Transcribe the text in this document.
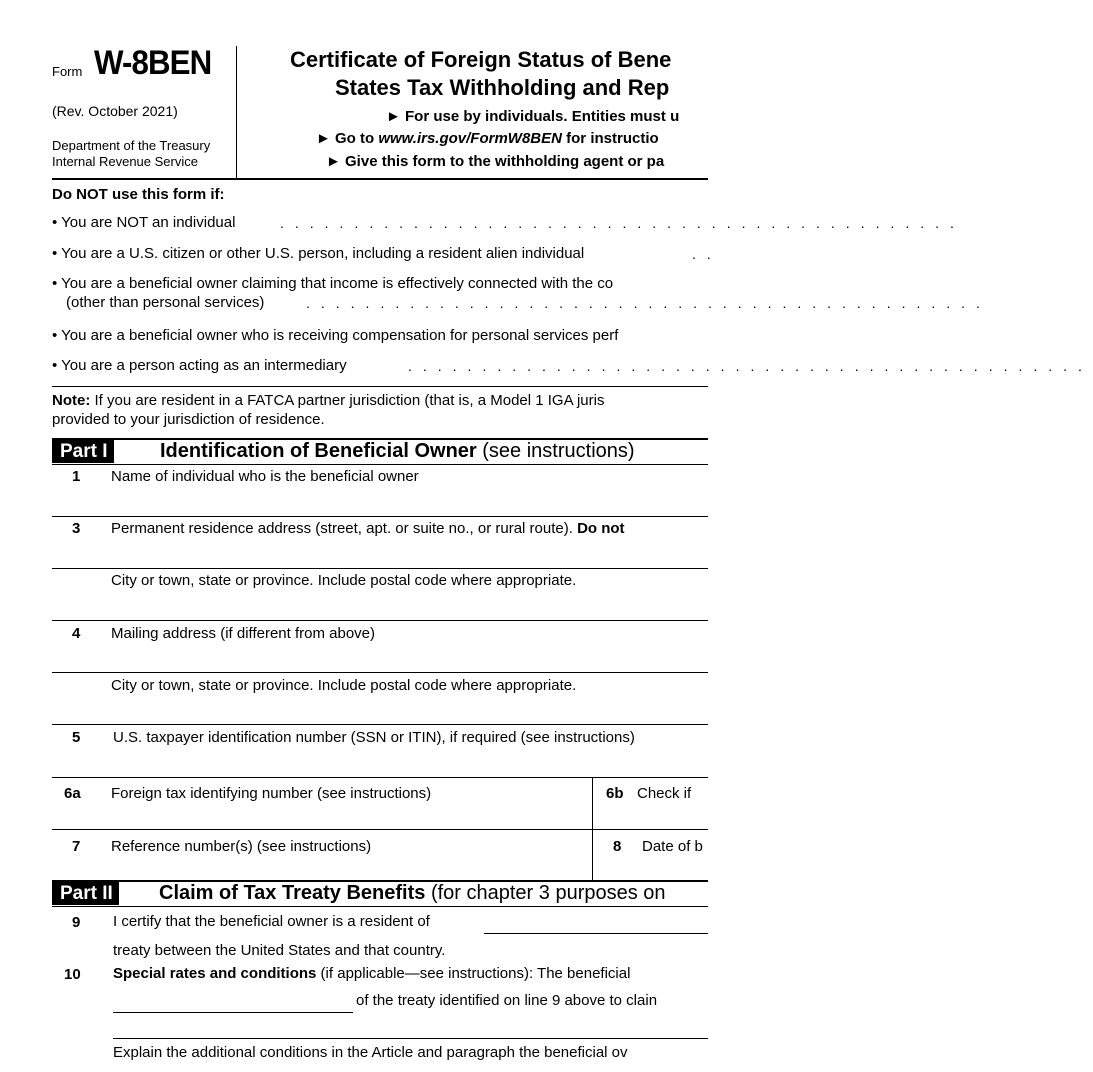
Form W-8BEN
(Rev. October 2021)
Department of the Treasury
Internal Revenue Service
Certificate of Foreign Status of Bene
States Tax Withholding and Rep
► For use by individuals. Entities must u
► Go to www.irs.gov/FormW8BEN for instructio
► Give this form to the withholding agent or pa
Do NOT use this form if:
• You are NOT an individual	..............................................
• You are a U.S. citizen or other U.S. person, including a resident alien individual	..
• You are a beneficial owner claiming that income is effectively connected with the co
(other than personal services)	..............................................
• You are a beneficial owner who is receiving compensation for personal services perf
• You are a person acting as an intermediary	..............................................
Note: If you are resident in a FATCA partner jurisdiction (that is, a Model 1 IGA juris
provided to your jurisdiction of residence.
Part I	Identification of Beneficial Owner (see instructions)
1 Name of individual who is the beneficial owner
3 Permanent residence address (street, apt. or suite no., or rural route). Do not
City or town, state or province. Include postal code where appropriate.
4 Mailing address (if different from above)
City or town, state or province. Include postal code where appropriate.
5 U.S. taxpayer identification number (SSN or ITIN), if required (see instructions)
6a Foreign tax identifying number (see instructions)	6b Check if
7 Reference number(s) (see instructions)	8 Date of b
Part II	Claim of Tax Treaty Benefits (for chapter 3 purposes on
9 I certify that the beneficial owner is a resident of
treaty between the United States and that country.
10 Special rates and conditions (if applicable—see instructions): The beneficial
of the treaty identified on line 9 above to clain
Explain the additional conditions in the Article and paragraph the beneficial ov
